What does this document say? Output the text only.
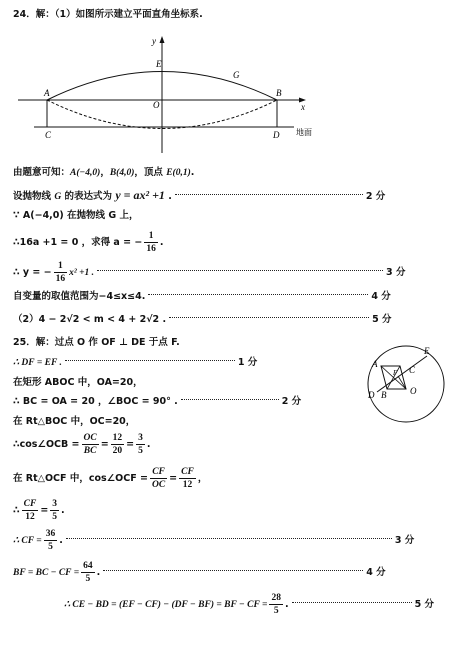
24．解：（1）如图所示建立平面直角坐标系.
y
x
E
G
A	B
O
C	D 地面
由题意可知：A(−4,0)，B(4,0)，顶点 E(0,1).
设抛物线 G 的表达式为 y = ax² +1 .	2 分
∵ A(−4,0) 在抛物线 G 上，
∴16a +1 = 0 ，求得 a = − $\frac{1}{16}$ .
∴ y = − $\frac{1}{16} x^2 +1$ .	3 分
自变量的取值范围为−4≤x≤4.	4 分
（2）4 − 2√2 < m < 4 + 2√2 .	5 分
25．解：过点 O 作 OF ⊥ DE 于点 F.
∴ DF = EF .	1 分
在矩形 ABOC 中，OA=20，
∴ BC = OA = 20 ，∠BOC = 90° .	2 分
在 Rt△BOC 中，OC=20，
∴cos∠OCB = $\frac{OC}{BC} = \frac{12}{20} = \frac{3}{5}$ .
在 Rt△OCF 中，cos∠OCF = $\frac{CF}{OC} = \frac{CF}{12}$ ，
∴ $\frac{CF}{12} = \frac{3}{5}$ .
∴ CF = $\frac{36}{5}$ .	3 分
BF = BC − CF = $\frac{64}{5}$ .	4 分
∴ CE − BD = (EF − CF) − (DF − BF) = BF − CF = $\frac{28}{5}$ .	5 分
A
C
F
E
B
D	O
